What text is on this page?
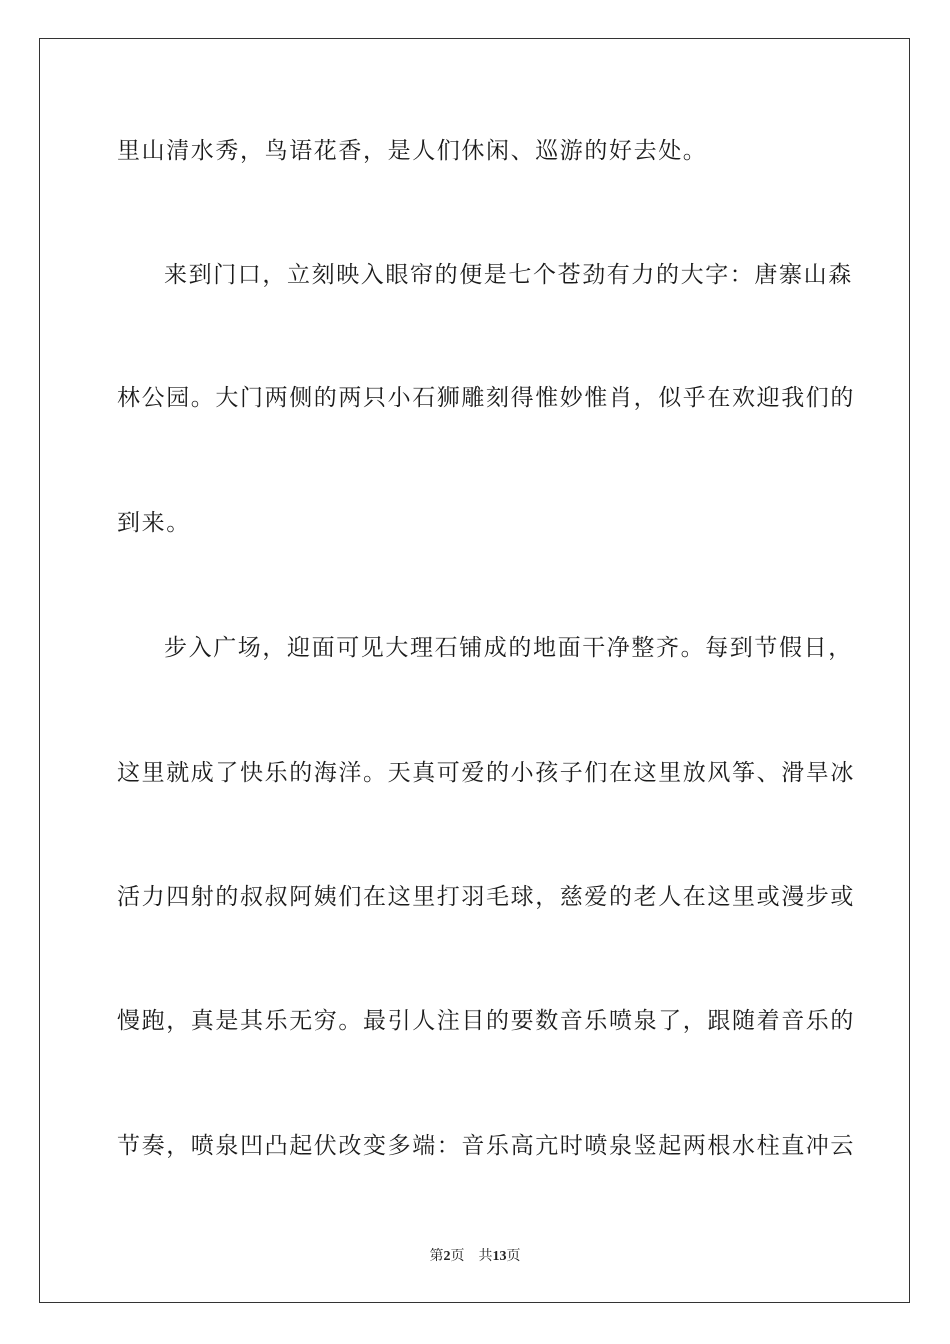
里山清水秀，鸟语花香，是人们休闲、巡游的好去处。
来到门口，立刻映入眼帘的便是七个苍劲有力的大字：唐寨山森
林公园。大门两侧的两只小石狮雕刻得惟妙惟肖，似乎在欢迎我们的
到来。
步入广场，迎面可见大理石铺成的地面干净整齐。每到节假日，
这里就成了快乐的海洋。天真可爱的小孩子们在这里放风筝、滑旱冰
活力四射的叔叔阿姨们在这里打羽毛球，慈爱的老人在这里或漫步或
慢跑，真是其乐无穷。最引人注目的要数音乐喷泉了，跟随着音乐的
节奏，喷泉凹凸起伏改变多端：音乐高亢时喷泉竖起两根水柱直冲云
第2页 共13页
